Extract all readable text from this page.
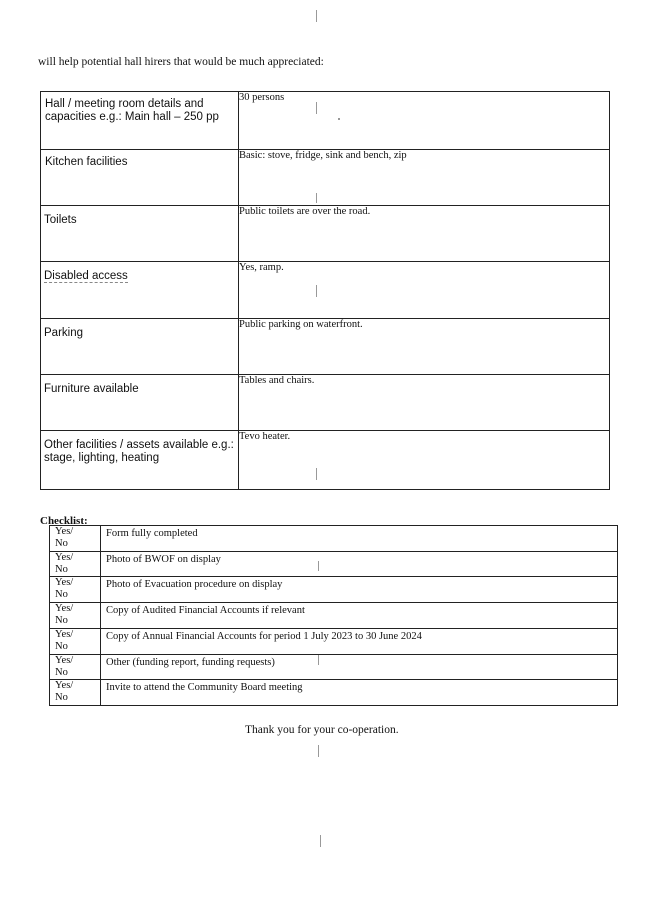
will help potential hall hirers that would be much appreciated:
Hall / meeting room details and capacities e.g.: Main hall – 250 pp	30 persons

Kitchen facilities	Basic: stove, fridge, sink and bench, zip

Toilets	Public toilets are over the road.

Disabled access	Yes, ramp.

Parking	Public parking on waterfront.

Furniture available	Tables and chairs.

Other facilities / assets available e.g.: stage, lighting, heating	Tevo heater.
Checklist:
Yes/
No	Form fully completed
Yes/
No	Photo of BWOF on display
Yes/
No	Photo of Evacuation procedure on display
Yes/
No	Copy of Audited Financial Accounts if relevant
Yes/
No	Copy of Annual Financial Accounts for period 1 July 2023 to 30 June 2024
Yes/
No	Other (funding report, funding requests)
Yes/
No	Invite to attend the Community Board meeting
Thank you for your co-operation.
